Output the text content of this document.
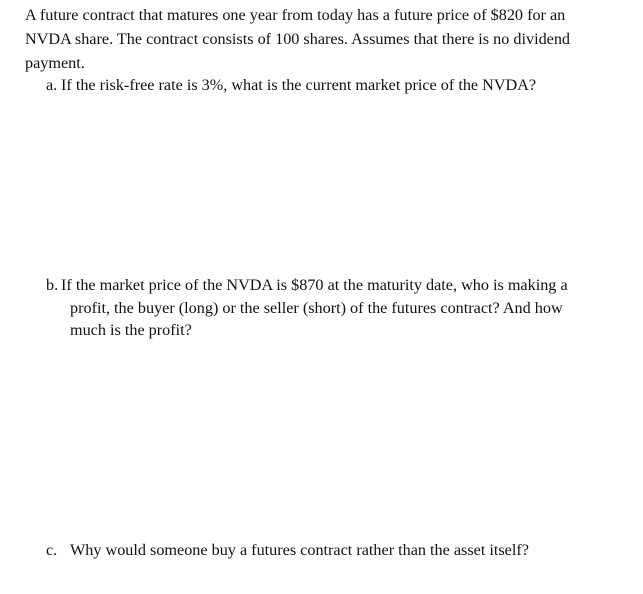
A future contract that matures one year from today has a future price of $820 for an
NVDA share. The contract consists of 100 shares. Assumes that there is no dividend
payment.
a. If the risk-free rate is 3%, what is the current market price of the NVDA?
b. If the market price of the NVDA is $870 at the maturity date, who is making a
profit, the buyer (long) or the seller (short) of the futures contract? And how
much is the profit?
c. Why would someone buy a futures contract rather than the asset itself?
